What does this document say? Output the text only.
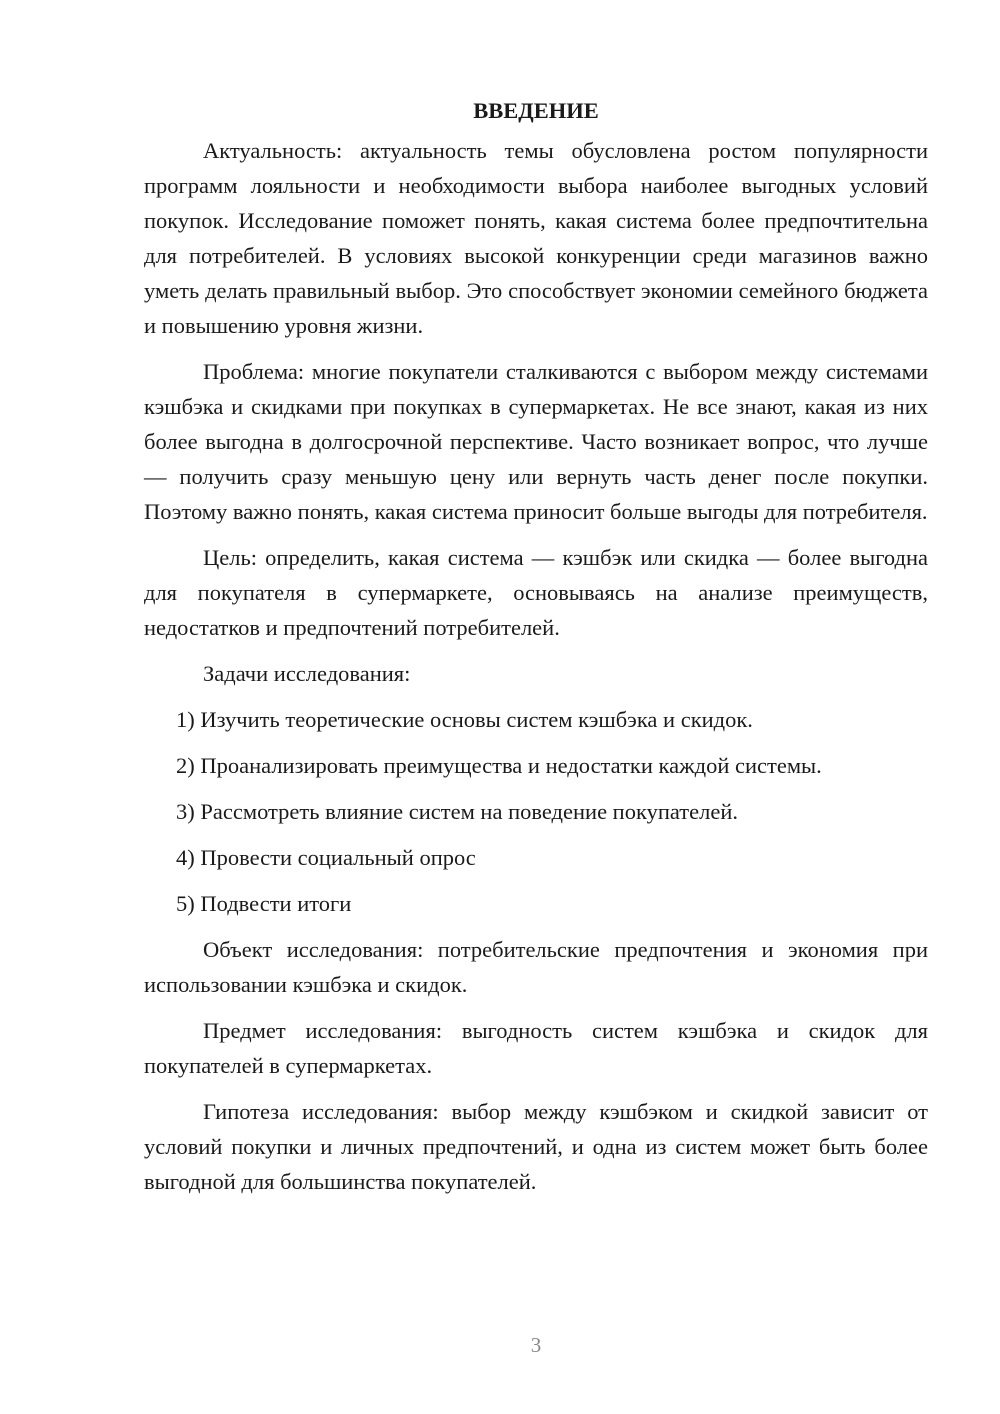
ВВЕДЕНИЕ

Актуальность: актуальность темы обусловлена ростом популярности программ лояльности и необходимости выбора наиболее выгодных условий покупок. Исследование поможет понять, какая система более предпочтительна для потребителей. В условиях высокой конкуренции среди магазинов важно уметь делать правильный выбор. Это способствует экономии семейного бюджета и повышению уровня жизни.

Проблема: многие покупатели сталкиваются с выбором между системами кэшбэка и скидками при покупках в супермаркетах. Не все знают, какая из них более выгодна в долгосрочной перспективе. Часто возникает вопрос, что лучше — получить сразу меньшую цену или вернуть часть денег после покупки. Поэтому важно понять, какая система приносит больше выгоды для потребителя.

Цель: определить, какая система — кэшбэк или скидка — более выгодна для покупателя в супермаркете, основываясь на анализе преимуществ, недостатков и предпочтений потребителей.

Задачи исследования:

1) Изучить теоретические основы систем кэшбэка и скидок.

2) Проанализировать преимущества и недостатки каждой системы.

3) Рассмотреть влияние систем на поведение покупателей.

4) Провести социальный опрос

5) Подвести итоги

Объект исследования: потребительские предпочтения и экономия при использовании кэшбэка и скидок.

Предмет исследования: выгодность систем кэшбэка и скидок для покупателей в супермаркетах.

Гипотеза исследования: выбор между кэшбэком и скидкой зависит от условий покупки и личных предпочтений, и одна из систем может быть более выгодной для большинства покупателей.

3
